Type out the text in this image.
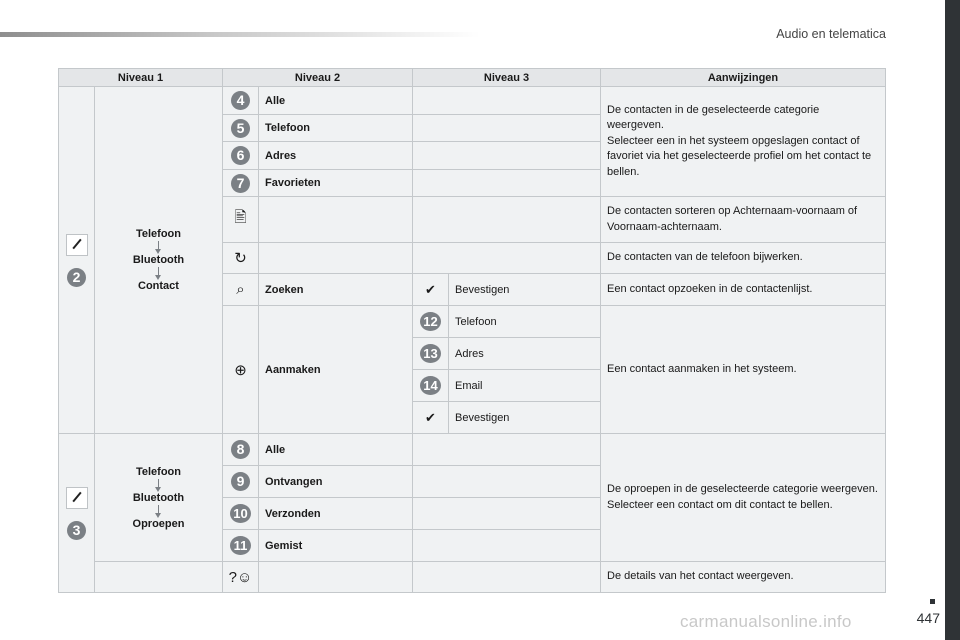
Audio en telematica
Niveau 1		Niveau 2		Niveau 3		Aanwijzingen

2	Telefoon
Bluetooth
Contact	4	Alle			De contacten in de geselecteerde categorie weergeven.
Selecteer een in het systeem opgeslagen contact of favoriet via het geselecteerde profiel om het contact te bellen.
		5	Telefoon			
		6	Adres			
		7	Favorieten			
		🖹				De contacten sorteren op Achternaam-voornaam of Voornaam-achternaam.
		↻				De contacten van de telefoon bijwerken.
		⌕	Zoeken	✔	Bevestigen	Een contact opzoeken in de contactenlijst.
		⊕	Aanmaken	12	Telefoon	Een contact aanmaken in het systeem.
				13	Adres	
				14	Email	
				✔	Bevestigen	

3	Telefoon
Bluetooth
Oproepen	8	Alle			De oproepen in de geselecteerde categorie weergeven.
Selecteer een contact om dit contact te bellen.
		9	Ontvangen			
		10	Verzonden			
		11	Gemist			
		?☺				De details van het contact weergeven.
carmanualsonline.info	447
